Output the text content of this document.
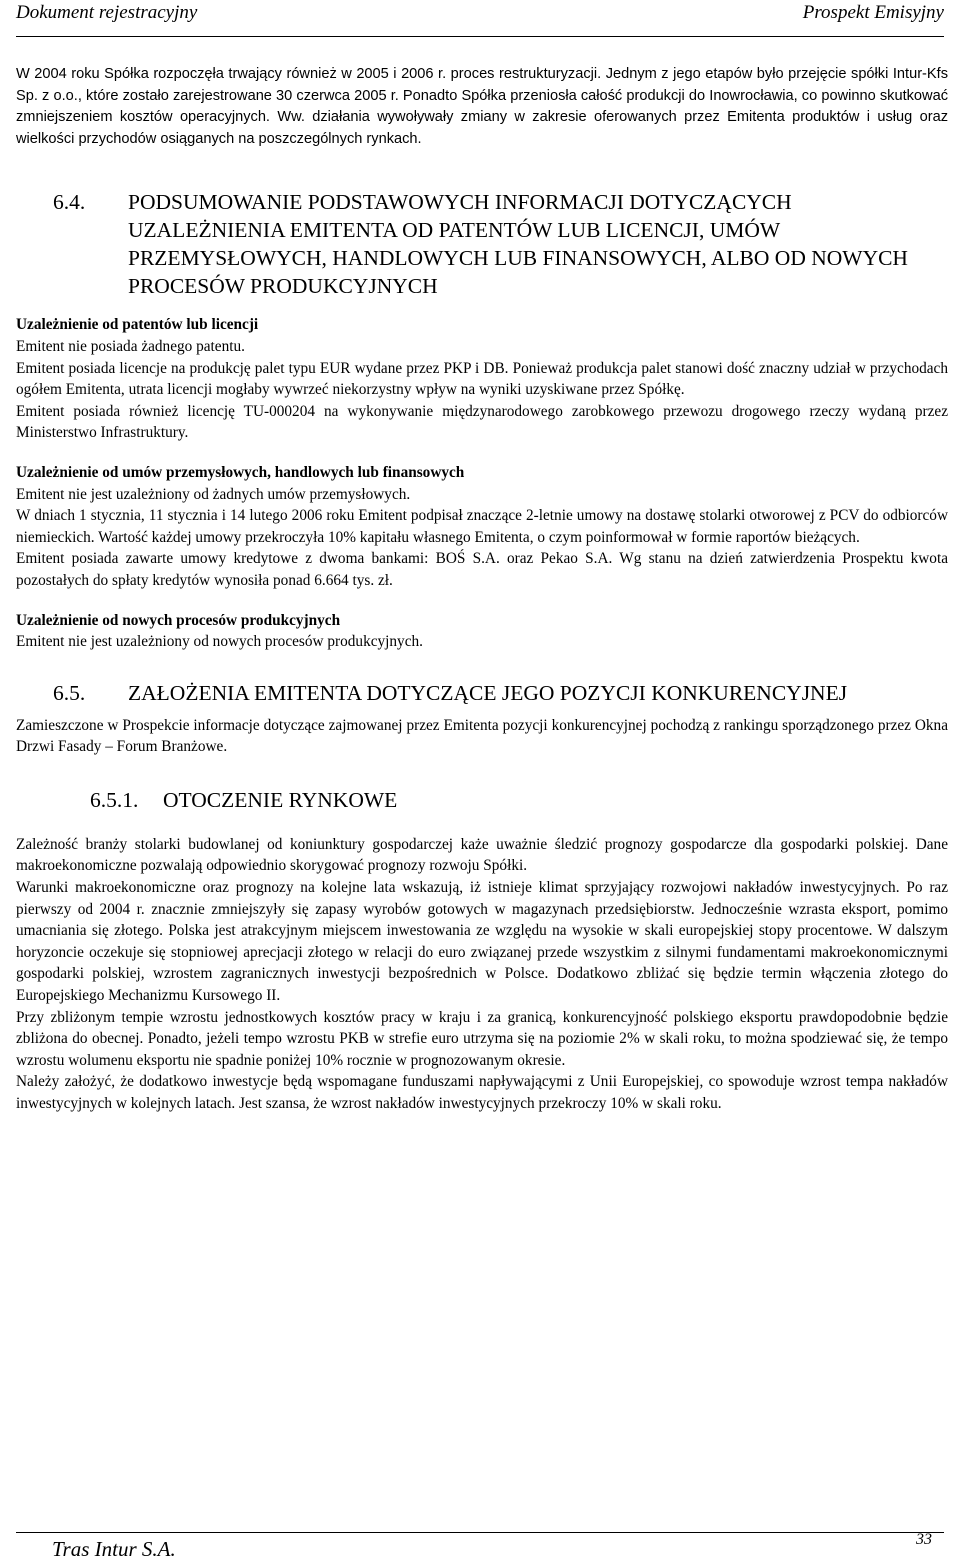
Dokument rejestracyjny	Prospekt Emisyjny

W 2004 roku Spółka rozpoczęła trwający również w 2005 i 2006 r. proces restrukturyzacji. Jednym z jego etapów było przejęcie spółki Intur-Kfs Sp. z o.o., które zostało zarejestrowane 30 czerwca 2005 r. Ponadto Spółka przeniosła całość produkcji do Inowrocławia, co powinno skutkować zmniejszeniem kosztów operacyjnych. Ww. działania wywoływały zmiany w zakresie oferowanych przez Emitenta produktów i usług oraz wielkości przychodów osiąganych na poszczególnych rynkach.

6.4. PODSUMOWANIE PODSTAWOWYCH INFORMACJI DOTYCZĄCYCH UZALEŻNIENIA EMITENTA OD PATENTÓW LUB LICENCJI, UMÓW PRZEMYSŁOWYCH, HANDLOWYCH LUB FINANSOWYCH, ALBO OD NOWYCH PROCESÓW PRODUKCYJNYCH
Uzależnienie od patentów lub licencji

Emitent nie posiada żadnego patentu.

Emitent posiada licencje na produkcję palet typu EUR wydane przez PKP i DB. Ponieważ produkcja palet stanowi dość znaczny udział w przychodach ogółem Emitenta, utrata licencji mogłaby wywrzeć niekorzystny wpływ na wyniki uzyskiwane przez Spółkę.

Emitent posiada również licencję TU-000204 na wykonywanie międzynarodowego zarobkowego przewozu drogowego rzeczy wydaną przez Ministerstwo Infrastruktury.

Uzależnienie od umów przemysłowych, handlowych lub finansowych

Emitent nie jest uzależniony od żadnych umów przemysłowych.

W dniach 1 stycznia, 11 stycznia i 14 lutego 2006 roku Emitent podpisał znaczące 2-letnie umowy na dostawę stolarki otworowej z PCV do odbiorców niemieckich. Wartość każdej umowy przekroczyła 10% kapitału własnego Emitenta, o czym poinformował w formie raportów bieżących.

Emitent posiada zawarte umowy kredytowe z dwoma bankami: BOŚ S.A. oraz Pekao S.A. Wg stanu na dzień zatwierdzenia Prospektu kwota pozostałych do spłaty kredytów wynosiła ponad 6.664 tys. zł.

Uzależnienie od nowych procesów produkcyjnych

Emitent nie jest uzależniony od nowych procesów produkcyjnych.

6.5. ZAŁOŻENIA EMITENTA DOTYCZĄCE JEGO POZYCJI KONKURENCYJNEJ

Zamieszczone w Prospekcie informacje dotyczące zajmowanej przez Emitenta pozycji konkurencyjnej pochodzą z rankingu sporządzonego przez Okna Drzwi Fasady – Forum Branżowe.

6.5.1. OTOCZENIE RYNKOWE

Zależność branży stolarki budowlanej od koniunktury gospodarczej każe uważnie śledzić prognozy gospodarcze dla gospodarki polskiej. Dane makroekonomiczne pozwalają odpowiednio skorygować prognozy rozwoju Spółki.

Warunki makroekonomiczne oraz prognozy na kolejne lata wskazują, iż istnieje klimat sprzyjający rozwojowi nakładów inwestycyjnych. Po raz pierwszy od 2004 r. znacznie zmniejszyły się zapasy wyrobów gotowych w magazynach przedsiębiorstw. Jednocześnie wzrasta eksport, pomimo umacniania się złotego. Polska jest atrakcyjnym miejscem inwestowania ze względu na wysokie w skali europejskiej stopy procentowe. W dalszym horyzoncie oczekuje się stopniowej aprecjacji złotego w relacji do euro związanej przede wszystkim z silnymi fundamentami makroekonomicznymi gospodarki polskiej, wzrostem zagranicznych inwestycji bezpośrednich w Polsce. Dodatkowo zbliżać się będzie termin włączenia złotego do Europejskiego Mechanizmu Kursowego II.

Przy zbliżonym tempie wzrostu jednostkowych kosztów pracy w kraju i za granicą, konkurencyjność polskiego eksportu prawdopodobnie będzie zbliżona do obecnej. Ponadto, jeżeli tempo wzrostu PKB w strefie euro utrzyma się na poziomie 2% w skali roku, to można spodziewać się, że tempo wzrostu wolumenu eksportu nie spadnie poniżej 10% rocznie w prognozowanym okresie.

Należy założyć, że dodatkowo inwestycje będą wspomagane funduszami napływającymi z Unii Europejskiej, co spowoduje wzrost tempa nakładów inwestycyjnych w kolejnych latach. Jest szansa, że wzrost nakładów inwestycyjnych przekroczy 10% w skali roku.

Tras Intur S.A.	33
